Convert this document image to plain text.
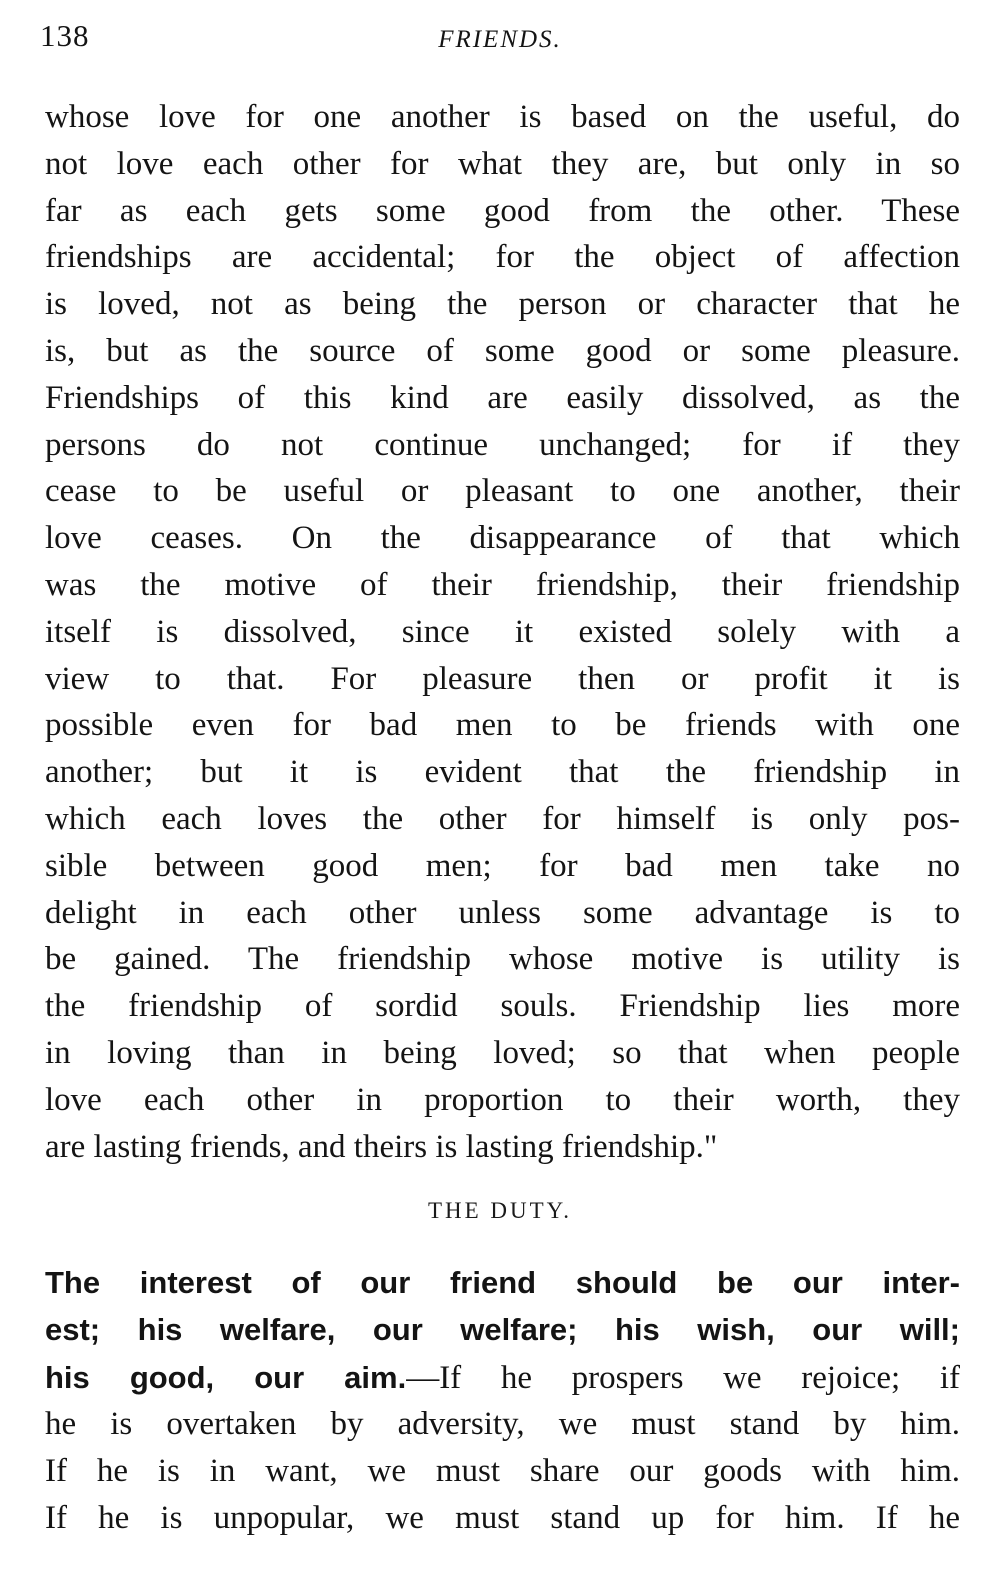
138	FRIENDS.
whose love for one another is based on the useful, do
not love each other for what they are, but only in so
far as each gets some good from the other. These
friendships are accidental; for the object of affection
is loved, not as being the person or character that he
is, but as the source of some good or some pleasure.
Friendships of this kind are easily dissolved, as the
persons do not continue unchanged; for if they
cease to be useful or pleasant to one another, their
love ceases. On the disappearance of that which
was the motive of their friendship, their friendship
itself is dissolved, since it existed solely with a
view to that. For pleasure then or profit it is
possible even for bad men to be friends with one
another; but it is evident that the friendship in
which each loves the other for himself is only pos-
sible between good men; for bad men take no
delight in each other unless some advantage is to
be gained. The friendship whose motive is utility is
the friendship of sordid souls. Friendship lies more
in loving than in being loved; so that when people
love each other in proportion to their worth, they
are lasting friends, and theirs is lasting friendship."
THE DUTY.
The interest of our friend should be our inter-
est; his welfare, our welfare; his wish, our will;
his good, our aim.—If he prospers we rejoice; if
he is overtaken by adversity, we must stand by him.
If he is in want, we must share our goods with him.
If he is unpopular, we must stand up for him. If he
